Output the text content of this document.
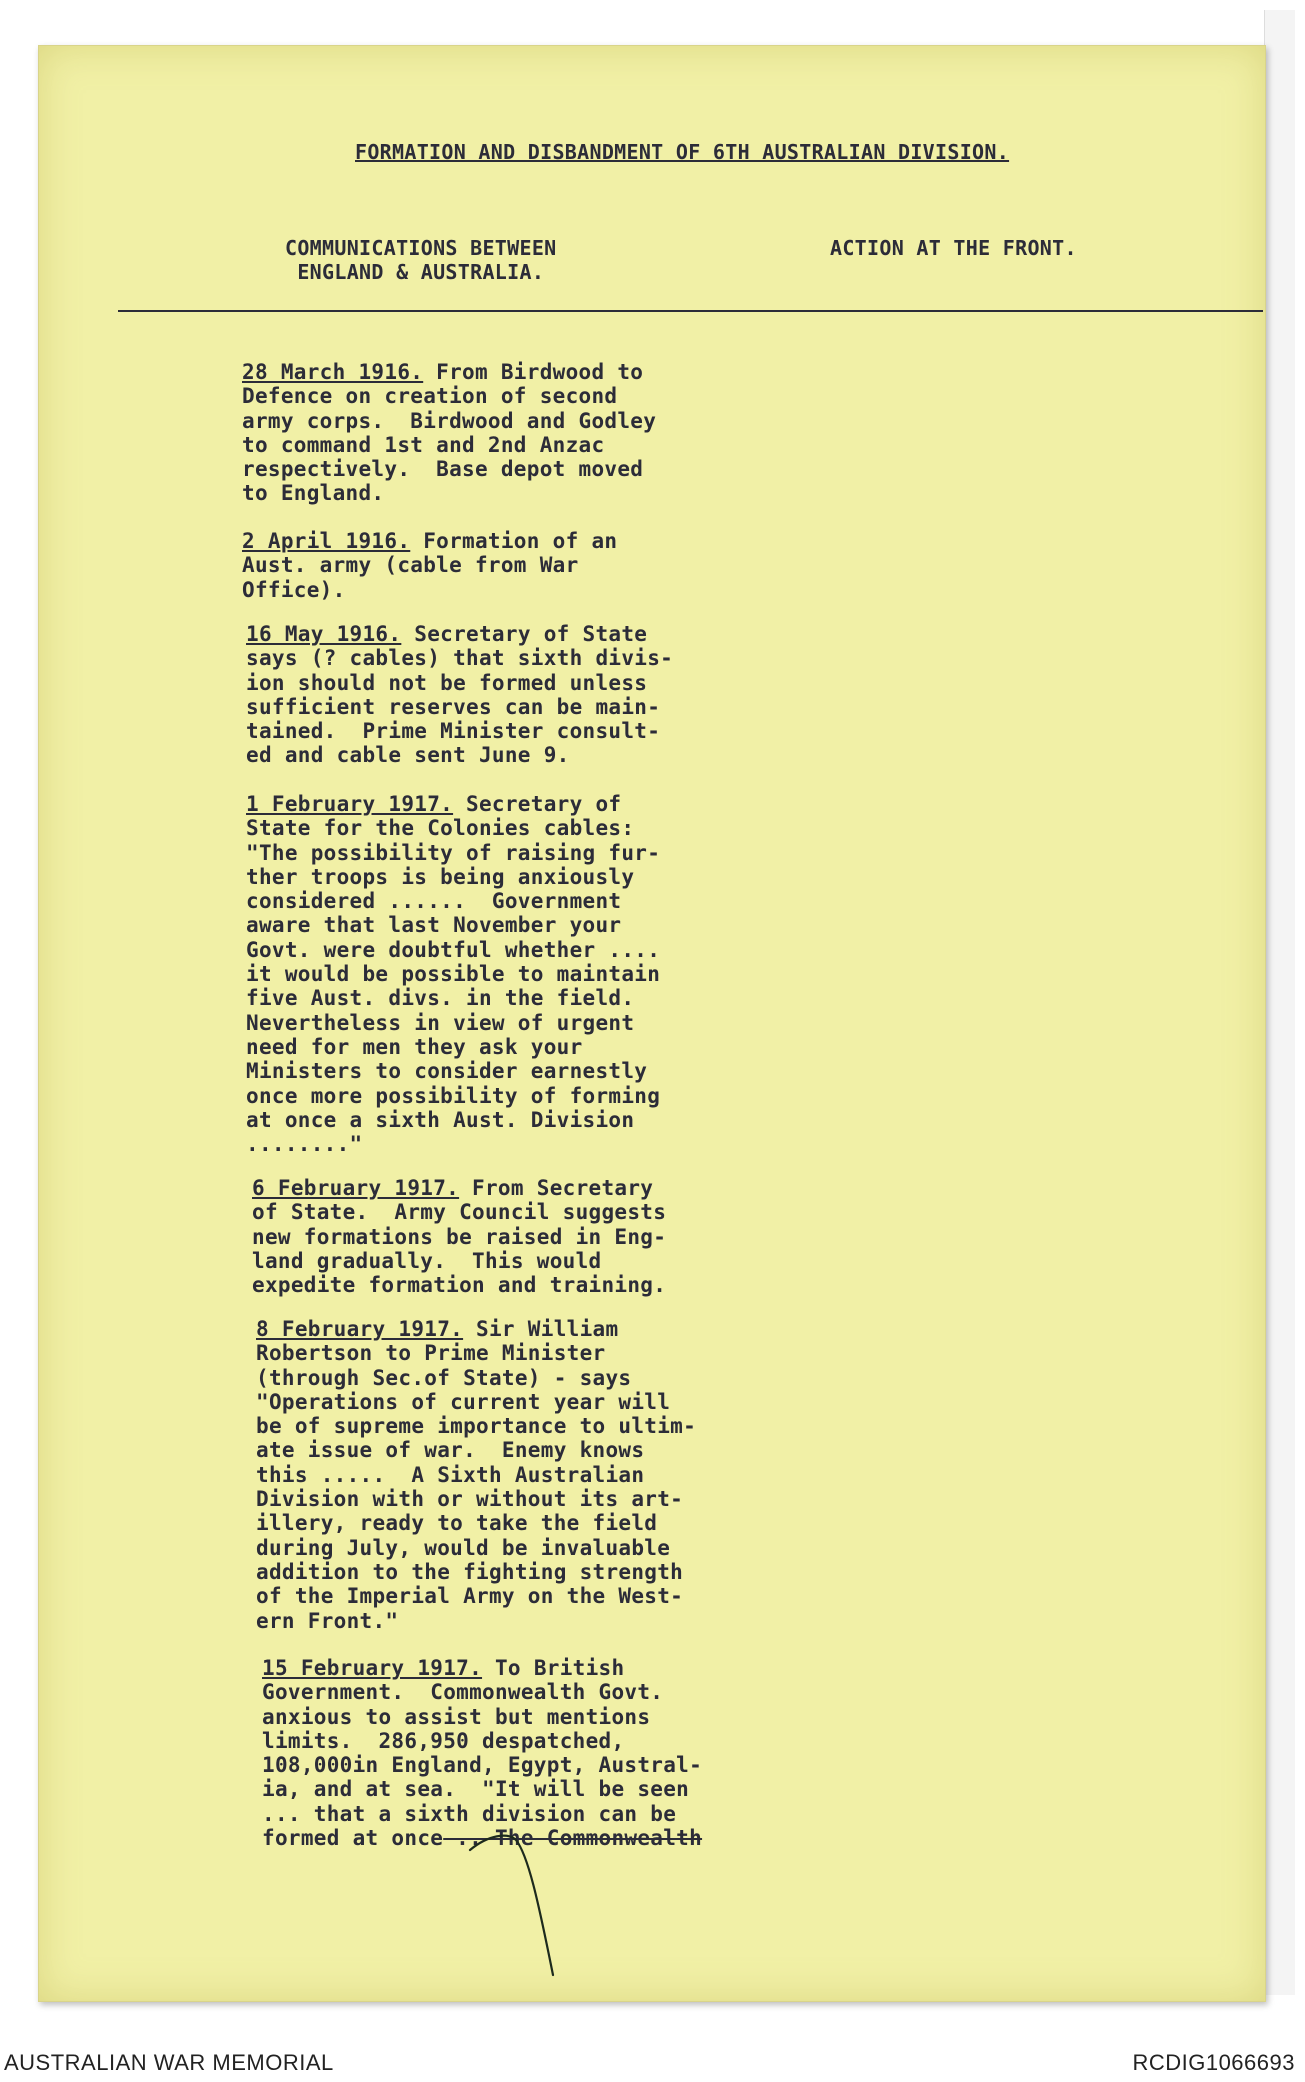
FORMATION AND DISBANDMENT OF 6TH AUSTRALIAN DIVISION.
COMMUNICATIONS BETWEEN
ENGLAND & AUSTRALIA.
ACTION AT THE FRONT.
28 March 1916. From Birdwood to
Defence on creation of second
army corps.  Birdwood and Godley
to command 1st and 2nd Anzac
respectively.  Base depot moved
to England.
2 April 1916. Formation of an
Aust. army (cable from War
Office).
16 May 1916. Secretary of State
says (? cables) that sixth divis-
ion should not be formed unless
sufficient reserves can be main-
tained.  Prime Minister consult-
ed and cable sent June 9.
1 February 1917. Secretary of
State for the Colonies cables:
"The possibility of raising fur-
ther troops is being anxiously
considered ......  Government
aware that last November your
Govt. were doubtful whether ....
it would be possible to maintain
five Aust. divs. in the field.
Nevertheless in view of urgent
need for men they ask your
Ministers to consider earnestly
once more possibility of forming
at once a sixth Aust. Division
........"
6 February 1917. From Secretary
of State.  Army Council suggests
new formations be raised in Eng-
land gradually.  This would
expedite formation and training.
8 February 1917. Sir William
Robertson to Prime Minister
(through Sec.of State) - says
"Operations of current year will
be of supreme importance to ultim-
ate issue of war.  Enemy knows
this .....  A Sixth Australian
Division with or without its art-
illery, ready to take the field
during July, would be invaluable
addition to the fighting strength
of the Imperial Army on the West-
ern Front."
15 February 1917. To British
Government.  Commonwealth Govt.
anxious to assist but mentions
limits.  286,950 despatched,
108,000in England, Egypt, Austral-
ia, and at sea.  "It will be seen
... that a sixth division can be
formed at once .. The Commonwealth
AUSTRALIAN WAR MEMORIAL	RCDIG1066693
